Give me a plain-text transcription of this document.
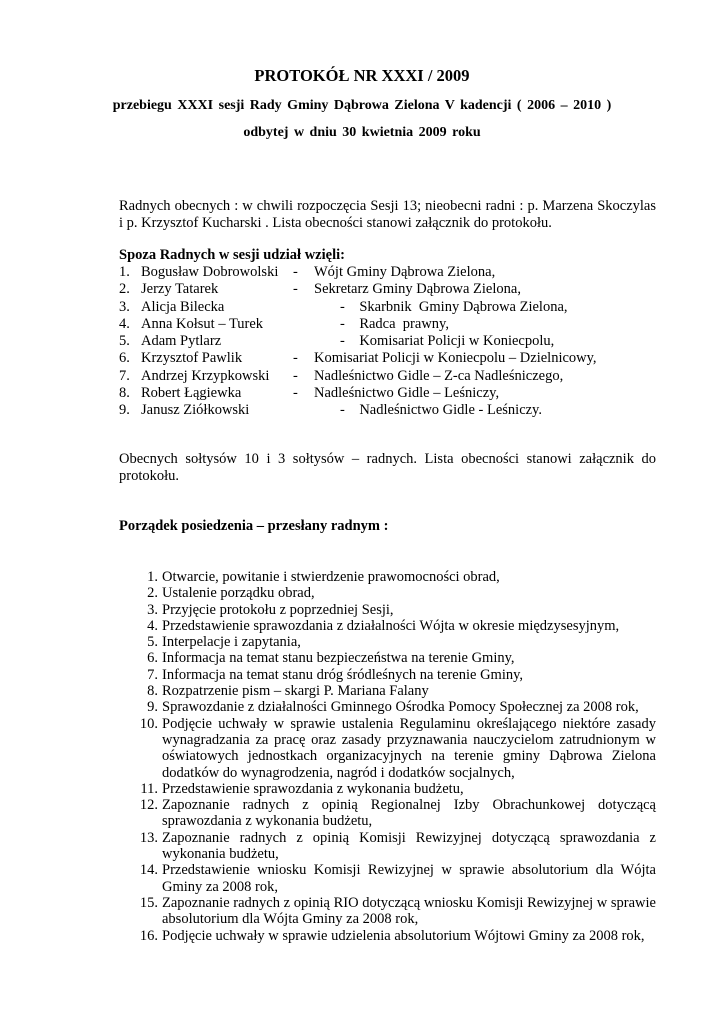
PROTOKÓŁ NR XXXI / 2009

przebiegu XXXI sesji Rady Gminy Dąbrowa Zielona V kadencji ( 2006 – 2010 )

odbytej w dniu 30 kwietnia 2009 roku

Radnych obecnych : w chwili rozpoczęcia Sesji 13; nieobecni radni : p. Marzena Skoczylas i p. Krzysztof Kucharski . Lista obecności stanowi załącznik do protokołu.

Spoza Radnych w sesji udział wzięli:

1. Bogusław Dobrowolski	-	Wójt Gminy Dąbrowa Zielona,
2. Jerzy Tatarek	-	Sekretarz Gminy Dąbrowa Zielona,
3. Alicja Bilecka	-    Skarbnik  Gminy Dąbrowa Zielona,
4. Anna Kołsut – Turek	-    Radca  prawny,
5. Adam Pytlarz	-    Komisariat Policji w Koniecpolu,
6. Krzysztof Pawlik	-	Komisariat Policji w Koniecpolu – Dzielnicowy,
7. Andrzej Krzypkowski	-	Nadleśnictwo Gidle – Z-ca Nadleśniczego,
8. Robert Łągiewka	-	Nadleśnictwo Gidle – Leśniczy,
9. Janusz Ziółkowski	-    Nadleśnictwo Gidle - Leśniczy.

Obecnych sołtysów 10 i 3 sołtysów – radnych. Lista obecności stanowi załącznik do protokołu.

Porządek posiedzenia – przesłany radnym :

1. Otwarcie, powitanie i stwierdzenie prawomocności obrad,
2. Ustalenie porządku obrad,
3. Przyjęcie protokołu z poprzedniej Sesji,
4. Przedstawienie sprawozdania z działalności Wójta w okresie międzysesyjnym,
5. Interpelacje i zapytania,
6. Informacja na temat stanu bezpieczeństwa na terenie Gminy,
7. Informacja na temat stanu dróg śródleśnych na terenie Gminy,
8. Rozpatrzenie pism – skargi P. Mariana Falany
9. Sprawozdanie z działalności Gminnego Ośrodka Pomocy Społecznej za 2008 rok,
10. Podjęcie uchwały w sprawie ustalenia Regulaminu określającego niektóre zasady wynagradzania za pracę oraz zasady przyznawania nauczycielom zatrudnionym w oświatowych jednostkach organizacyjnych na terenie gminy Dąbrowa Zielona dodatków do wynagrodzenia, nagród i dodatków socjalnych,
11. Przedstawienie sprawozdania z wykonania budżetu,
12. Zapoznanie radnych z opinią Regionalnej Izby Obrachunkowej dotyczącą sprawozdania z wykonania budżetu,
13. Zapoznanie radnych z opinią Komisji Rewizyjnej dotyczącą sprawozdania z wykonania budżetu,
14. Przedstawienie wniosku Komisji Rewizyjnej w sprawie absolutorium dla Wójta Gminy za 2008 rok,
15. Zapoznanie radnych z opinią RIO dotyczącą wniosku Komisji Rewizyjnej w sprawie absolutorium dla Wójta Gminy za 2008 rok,
16. Podjęcie uchwały w sprawie udzielenia absolutorium Wójtowi Gminy za 2008 rok,
